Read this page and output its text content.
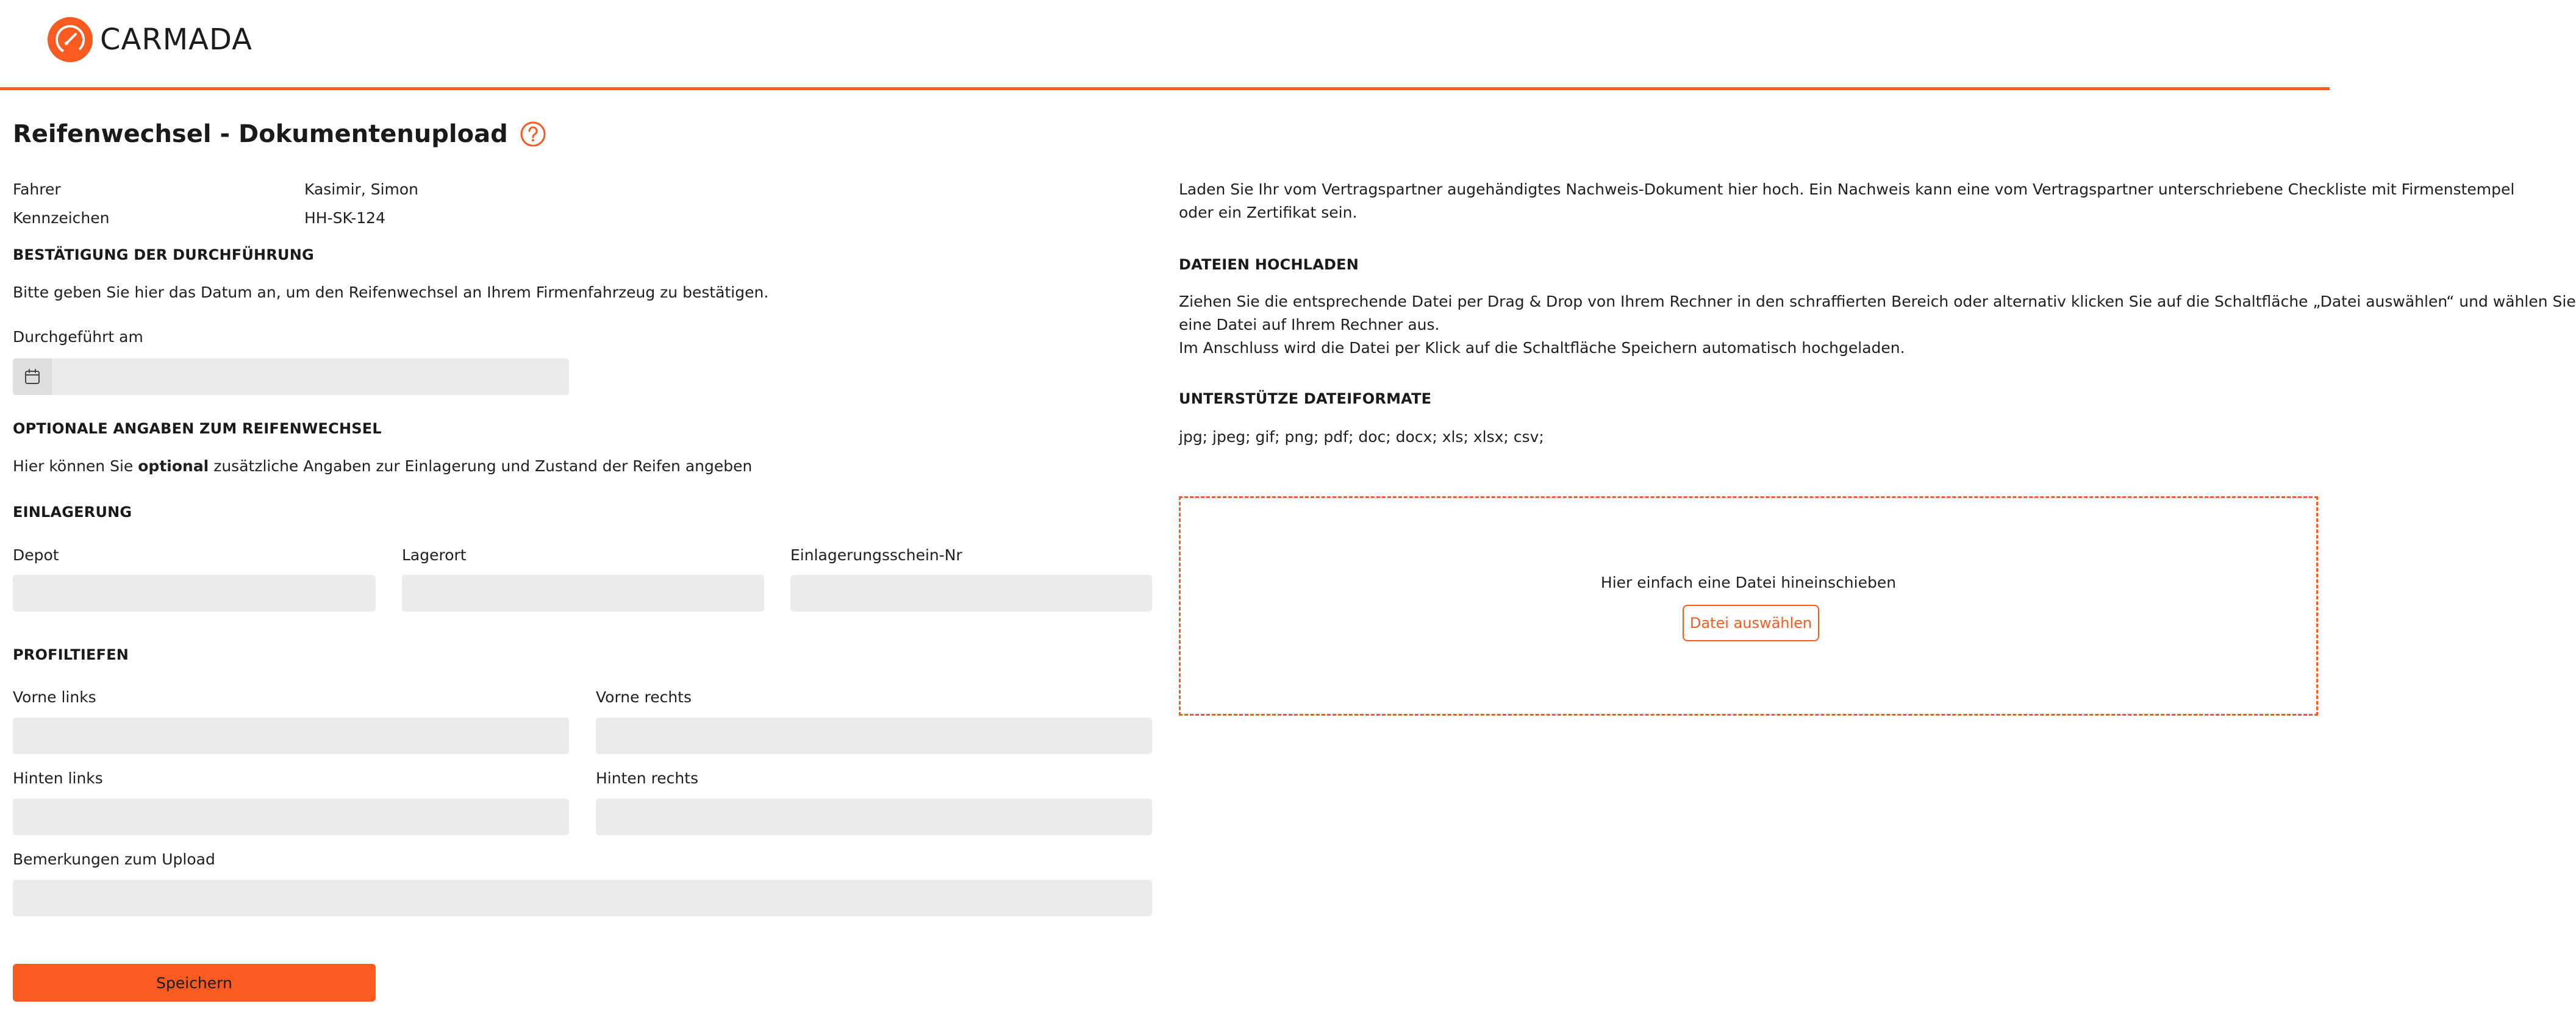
CARMADA
Reifenwechsel - Dokumentenupload
Fahrer	Kasimir, Simon
Kennzeichen	HH-SK-124
BESTÄTIGUNG DER DURCHFÜHRUNG
Bitte geben Sie hier das Datum an, um den Reifenwechsel an Ihrem Firmenfahrzeug zu bestätigen.
Durchgeführt am
OPTIONALE ANGABEN ZUM REIFENWECHSEL
Hier können Sie optional zusätzliche Angaben zur Einlagerung und Zustand der Reifen angeben
EINLAGERUNG
Depot	Lagerort	Einlagerungsschein-Nr
PROFILTIEFEN
Vorne links	Vorne rechts
Hinten links	Hinten rechts
Bemerkungen zum Upload
Speichern
Laden Sie Ihr vom Vertragspartner augehändigtes Nachweis-Dokument hier hoch. Ein Nachweis kann eine vom Vertragspartner unterschriebene Checkliste mit Firmenstempel
oder ein Zertifikat sein.
DATEIEN HOCHLADEN
Ziehen Sie die entsprechende Datei per Drag & Drop von Ihrem Rechner in den schraffierten Bereich oder alternativ klicken Sie auf die Schaltfläche „Datei auswählen“ und wählen Sie
eine Datei auf Ihrem Rechner aus.
Im Anschluss wird die Datei per Klick auf die Schaltfläche Speichern automatisch hochgeladen.
UNTERSTÜTZE DATEIFORMATE
jpg; jpeg; gif; png; pdf; doc; docx; xls; xlsx; csv;
Hier einfach eine Datei hineinschieben
Datei auswählen
